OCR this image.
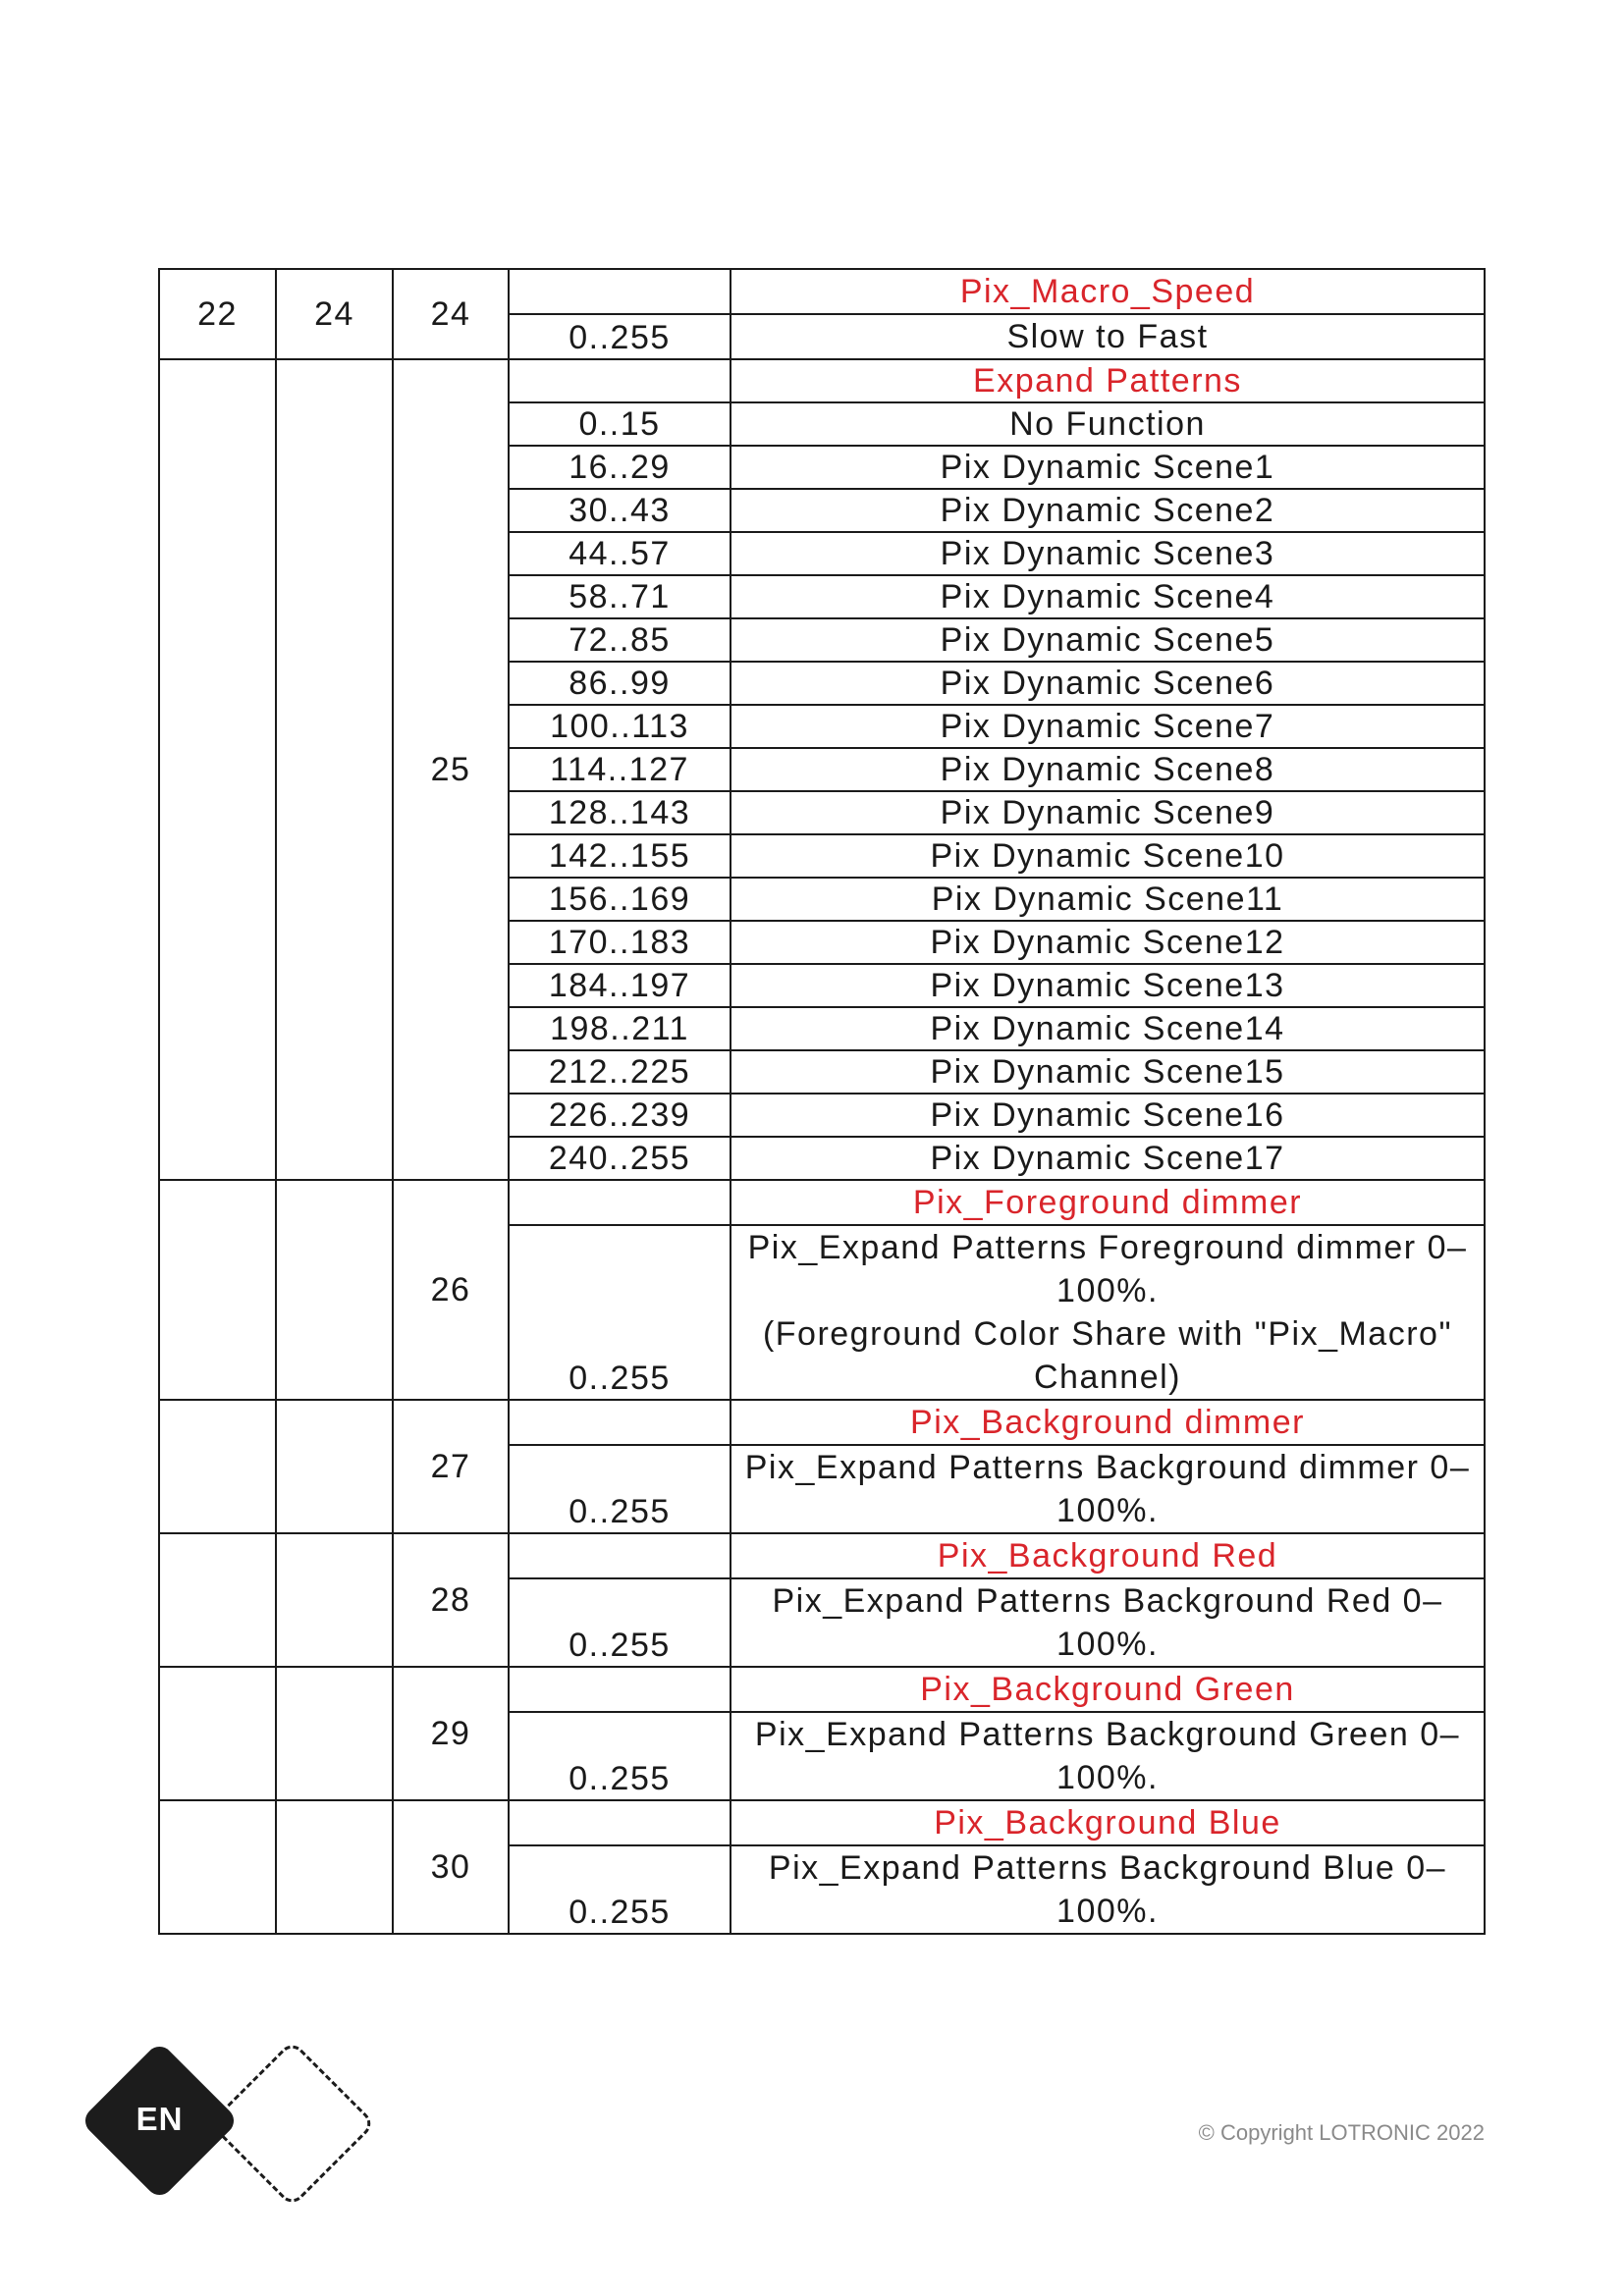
22	24	24		Pix_Macro_Speed
			0..255	Slow to Fast
		25		Expand Patterns
			0..15	No Function
			16..29	Pix Dynamic Scene1
			30..43	Pix Dynamic Scene2
			44..57	Pix Dynamic Scene3
			58..71	Pix Dynamic Scene4
			72..85	Pix Dynamic Scene5
			86..99	Pix Dynamic Scene6
			100..113	Pix Dynamic Scene7
			114..127	Pix Dynamic Scene8
			128..143	Pix Dynamic Scene9
			142..155	Pix Dynamic Scene10
			156..169	Pix Dynamic Scene11
			170..183	Pix Dynamic Scene12
			184..197	Pix Dynamic Scene13
			198..211	Pix Dynamic Scene14
			212..225	Pix Dynamic Scene15
			226..239	Pix Dynamic Scene16
			240..255	Pix Dynamic Scene17
		26		Pix_Foreground dimmer
			0..255	Pix_Expand Patterns Foreground dimmer 0–100%.
(Foreground Color Share with "Pix_Macro" Channel)
		27		Pix_Background dimmer
			0..255	Pix_Expand Patterns Background dimmer 0–100%.
		28		Pix_Background Red
			0..255	Pix_Expand Patterns Background Red 0–100%.
		29		Pix_Background Green
			0..255	Pix_Expand Patterns Background Green 0–100%.
		30		Pix_Background Blue
			0..255	Pix_Expand Patterns Background Blue 0–100%.
EN	© Copyright LOTRONIC 2022
